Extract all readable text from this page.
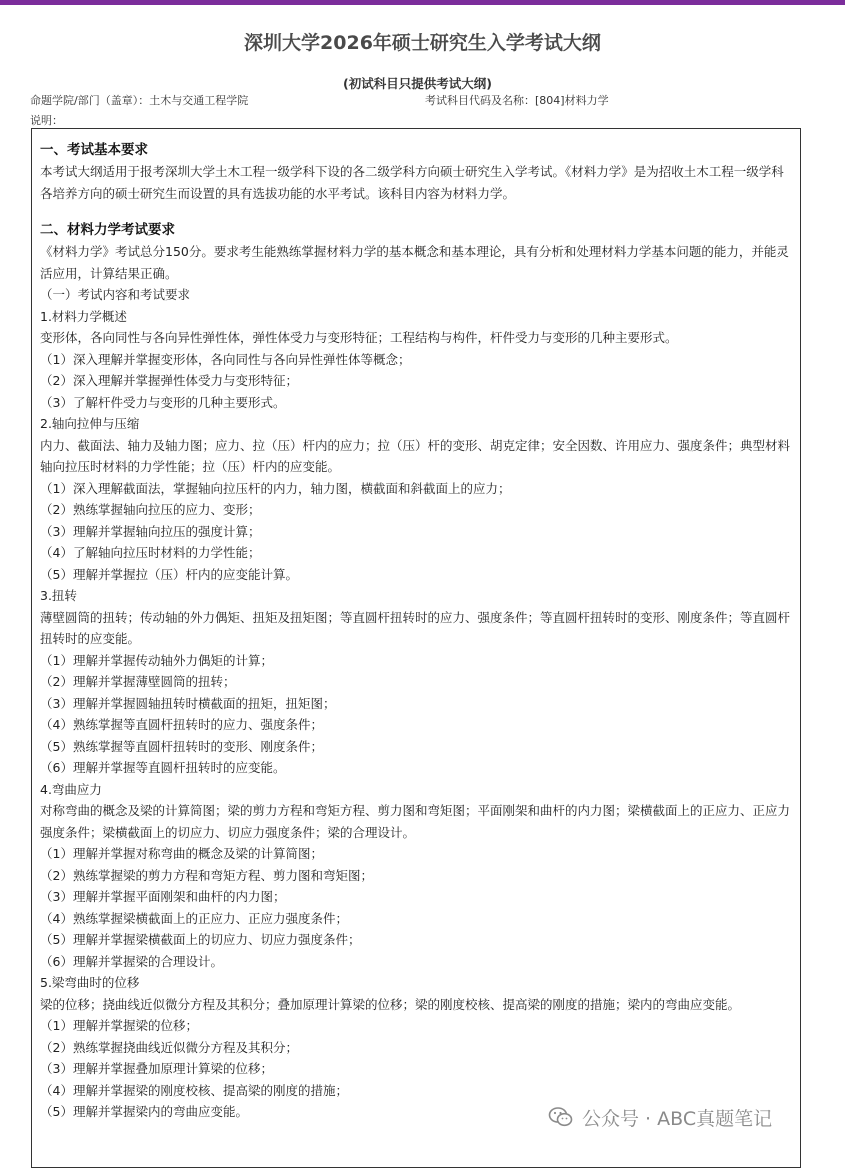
深圳大学2026年硕士研究生入学考试大纲
(初试科目只提供考试大纲)
命题学院/部门（盖章）：土木与交通工程学院	考试科目代码及名称：[804]材料力学
说明：
一、考试基本要求

本考试大纲适用于报考深圳大学土木工程一级学科下设的各二级学科方向硕士研究生入学考试。《材料力学》是为招收土木工程一级学科各培养方向的硕士研究生而设置的具有选拔功能的水平考试。该科目内容为材料力学。

二、材料力学考试要求

《材料力学》考试总分150分。要求考生能熟练掌握材料力学的基本概念和基本理论，具有分析和处理材料力学基本问题的能力，并能灵活应用，计算结果正确。

（一）考试内容和考试要求

1.材料力学概述

变形体，各向同性与各向异性弹性体，弹性体受力与变形特征；工程结构与构件，杆件受力与变形的几种主要形式。

（1）深入理解并掌握变形体，各向同性与各向异性弹性体等概念；

（2）深入理解并掌握弹性体受力与变形特征；

（3）了解杆件受力与变形的几种主要形式。

2.轴向拉伸与压缩

内力、截面法、轴力及轴力图；应力、拉（压）杆内的应力；拉（压）杆的变形、胡克定律；安全因数、许用应力、强度条件；典型材料轴向拉压时材料的力学性能；拉（压）杆内的应变能。

（1）深入理解截面法，掌握轴向拉压杆的内力，轴力图，横截面和斜截面上的应力；

（2）熟练掌握轴向拉压的应力、变形；

（3）理解并掌握轴向拉压的强度计算；

（4）了解轴向拉压时材料的力学性能；

（5）理解并掌握拉（压）杆内的应变能计算。

3.扭转

薄壁圆筒的扭转；传动轴的外力偶矩、扭矩及扭矩图；等直圆杆扭转时的应力、强度条件；等直圆杆扭转时的变形、刚度条件；等直圆杆扭转时的应变能。

（1）理解并掌握传动轴外力偶矩的计算；

（2）理解并掌握薄壁圆筒的扭转；

（3）理解并掌握圆轴扭转时横截面的扭矩，扭矩图；

（4）熟练掌握等直圆杆扭转时的应力、强度条件；

（5）熟练掌握等直圆杆扭转时的变形、刚度条件；

（6）理解并掌握等直圆杆扭转时的应变能。

4.弯曲应力

对称弯曲的概念及梁的计算简图；梁的剪力方程和弯矩方程、剪力图和弯矩图；平面刚架和曲杆的内力图；梁横截面上的正应力、正应力强度条件；梁横截面上的切应力、切应力强度条件；梁的合理设计。

（1）理解并掌握对称弯曲的概念及梁的计算简图；

（2）熟练掌握梁的剪力方程和弯矩方程、剪力图和弯矩图；

（3）理解并掌握平面刚架和曲杆的内力图；

（4）熟练掌握梁横截面上的正应力、正应力强度条件；

（5）理解并掌握梁横截面上的切应力、切应力强度条件；

（6）理解并掌握梁的合理设计。

5.梁弯曲时的位移

梁的位移；挠曲线近似微分方程及其积分；叠加原理计算梁的位移；梁的刚度校核、提高梁的刚度的措施；梁内的弯曲应变能。

（1）理解并掌握梁的位移；

（2）熟练掌握挠曲线近似微分方程及其积分；

（3）理解并掌握叠加原理计算梁的位移；

（4）理解并掌握梁的刚度校核、提高梁的刚度的措施；

（5）理解并掌握梁内的弯曲应变能。	公众号 · ABC真题笔记
